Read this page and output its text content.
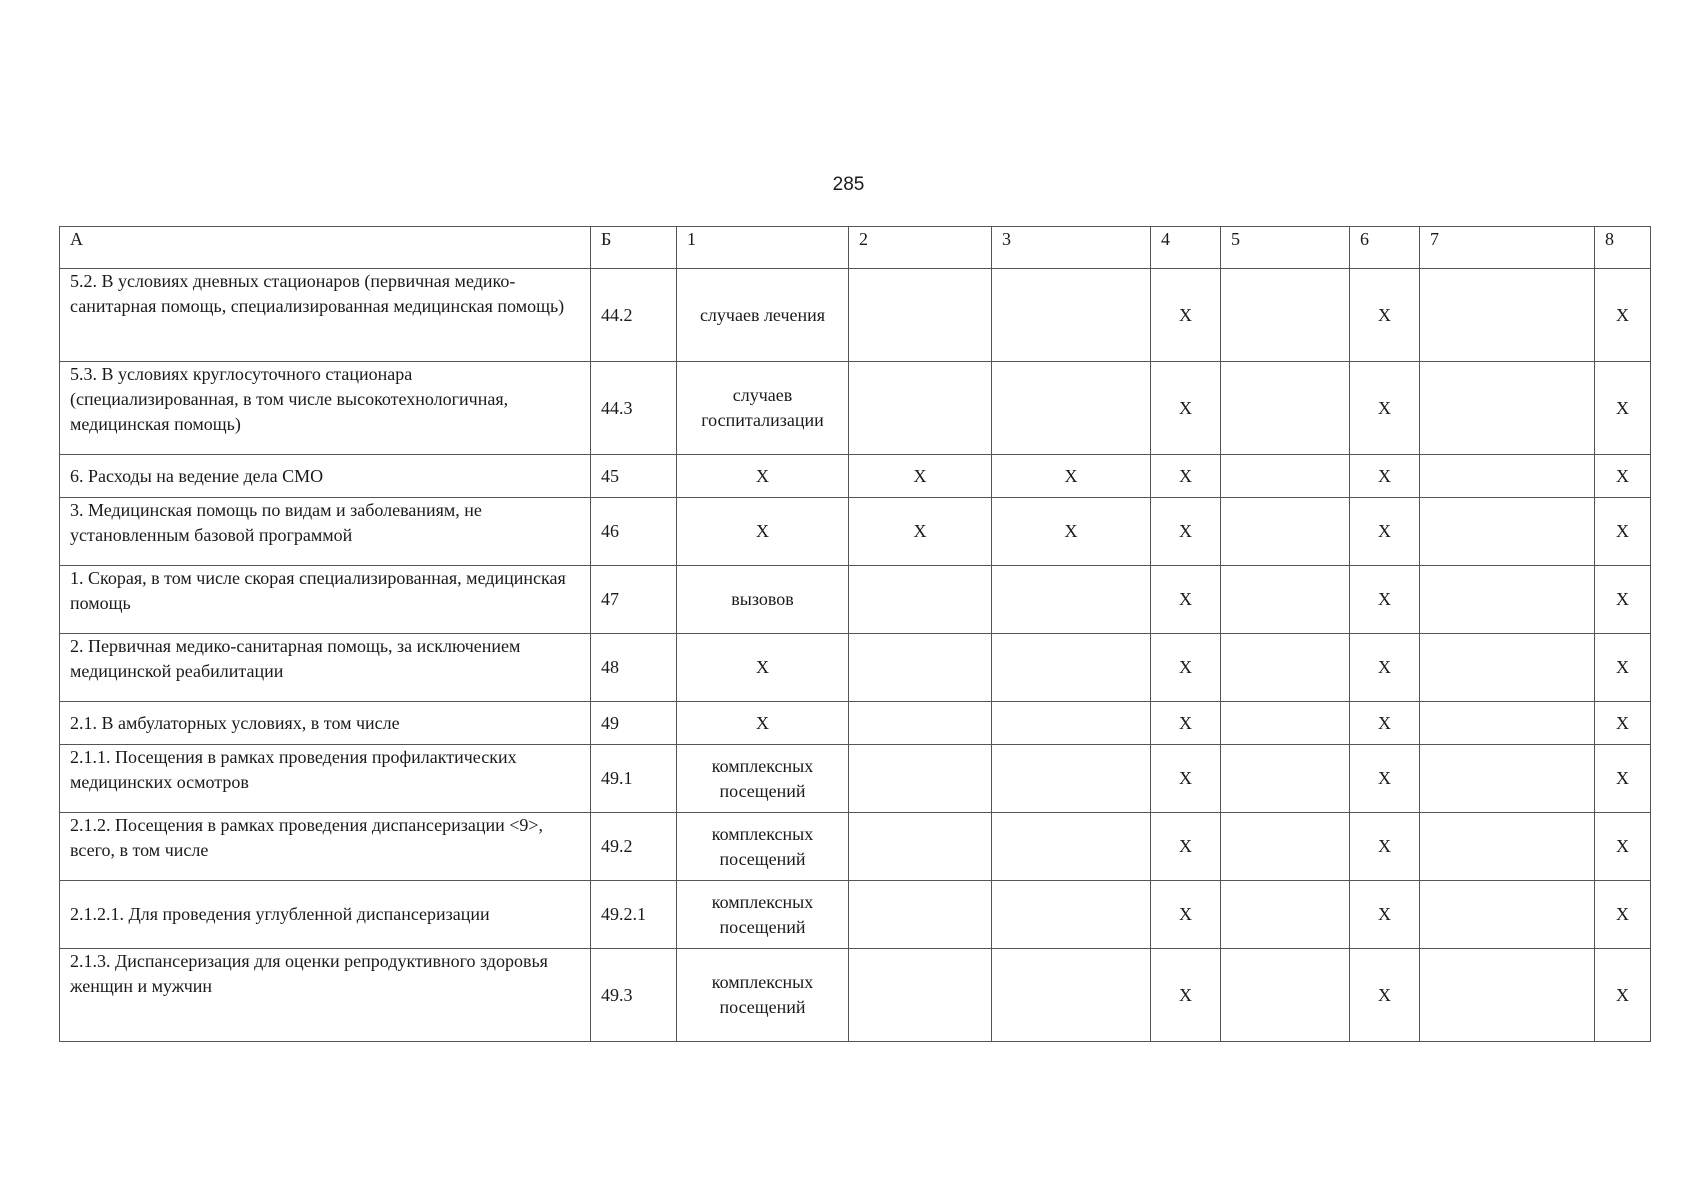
285
А	Б	1	2	3	4	5	6	7	8
5.2. В условиях дневных стационаров (первичная медико-санитарная помощь, специализированная медицинская помощь)	44.2	случаев лечения			Х		Х		Х
5.3. В условиях круглосуточного стационара (специализированная, в том числе высокотехнологичная, медицинская помощь)	44.3	случаев госпитализации			Х		Х		Х
6. Расходы на ведение дела СМО	45	Х	Х	Х	Х		Х		Х
3. Медицинская помощь по видам и заболеваниям, не установленным базовой программой	46	Х	Х	Х	Х		Х		Х
1. Скорая, в том числе скорая специализированная, медицинская помощь	47	вызовов			Х		Х		Х
2. Первичная медико-санитарная помощь, за исключением медицинской реабилитации	48	Х			Х		Х		Х
2.1. В амбулаторных условиях, в том числе	49	Х			Х		Х		Х
2.1.1. Посещения в рамках проведения профилактических медицинских осмотров	49.1	комплексных посещений			Х		Х		Х
2.1.2. Посещения в рамках проведения диспансеризации <9>, всего, в том числе	49.2	комплексных посещений			Х		Х		Х
2.1.2.1. Для проведения углубленной диспансеризации	49.2.1	комплексных посещений			Х		Х		Х
2.1.3. Диспансеризация для оценки репродуктивного здоровья женщин и мужчин	49.3	комплексных посещений			Х		Х		Х
